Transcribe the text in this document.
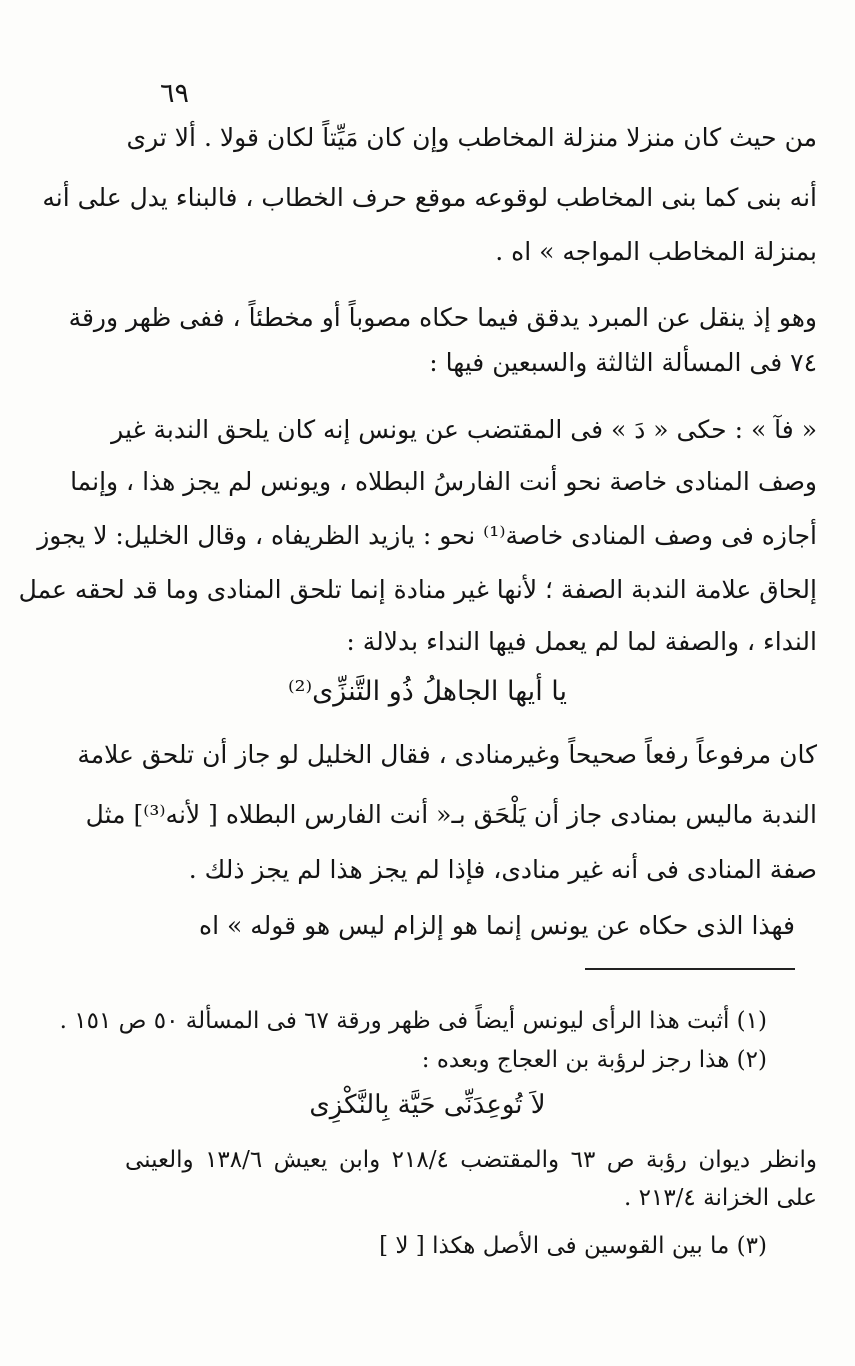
٦٩
من حيث كان منزلا منزلة المخاطب وإن كان مَيِّتاً لكان قولا . ألا ترى
أنه بنى كما بنى المخاطب لوقوعه موقع حرف الخطاب ، فالبناء يدل على أنه
بمنزلة المخاطب المواجه » اه .
وهو إذ ينقل عن المبرد يدقق فيما حكاه مصوباً أو مخطئاً ، ففى ظهر ورقة
٧٤ فى المسألة الثالثة والسبعين فيها :
« فآ » : حكى « دَ » فى المقتضب عن يونس إنه كان يلحق الندبة غير
وصف المنادى خاصة نحو أنت الفارسُ البطلاه ، ويونس لم يجز هذا ، وإنما
أجازه فى وصف المنادى خاصة⁽¹⁾ نحو : يازيد الظريفاه ، وقال الخليل: لا يجوز
إلحاق علامة الندبة الصفة ؛ لأنها غير منادة إنما تلحق المنادى وما قد لحقه عمل
النداء ، والصفة لما لم يعمل فيها النداء بدلالة :
يا أيها الجاهلُ ذُو التَّنزِّى⁽²⁾
كان مرفوعاً رفعاً صحيحاً وغيرمنادى ، فقال الخليل لو جاز أن تلحق علامة
الندبة ماليس بمنادى جاز أن يَلْحَق بـ« أنت الفارس البطلاه [ لأنه⁽³⁾] مثل
صفة المنادى فى أنه غير منادى، فإذا لم يجز هذا لم يجز ذلك .
فهذا الذى حكاه عن يونس إنما هو إلزام ليس هو قوله » اه
(١) أثبت هذا الرأى ليونس أيضاً فى ظهر ورقة ٦٧ فى المسألة ٥٠ ص ١٥١ .
(٢) هذا رجز لرؤبة بن العجاج وبعده :
لاَ تُوعِدَنِّى حَيَّة بِالنَّكْزِى
وانظر ديوان رؤبة ص ٦٣ والمقتضب ٢١٨/٤ وابن يعيش ١٣٨/٦ والعينى
على الخزانة ٢١٣/٤ .
(٣) ما بين القوسين فى الأصل هكذا [ لا ]
